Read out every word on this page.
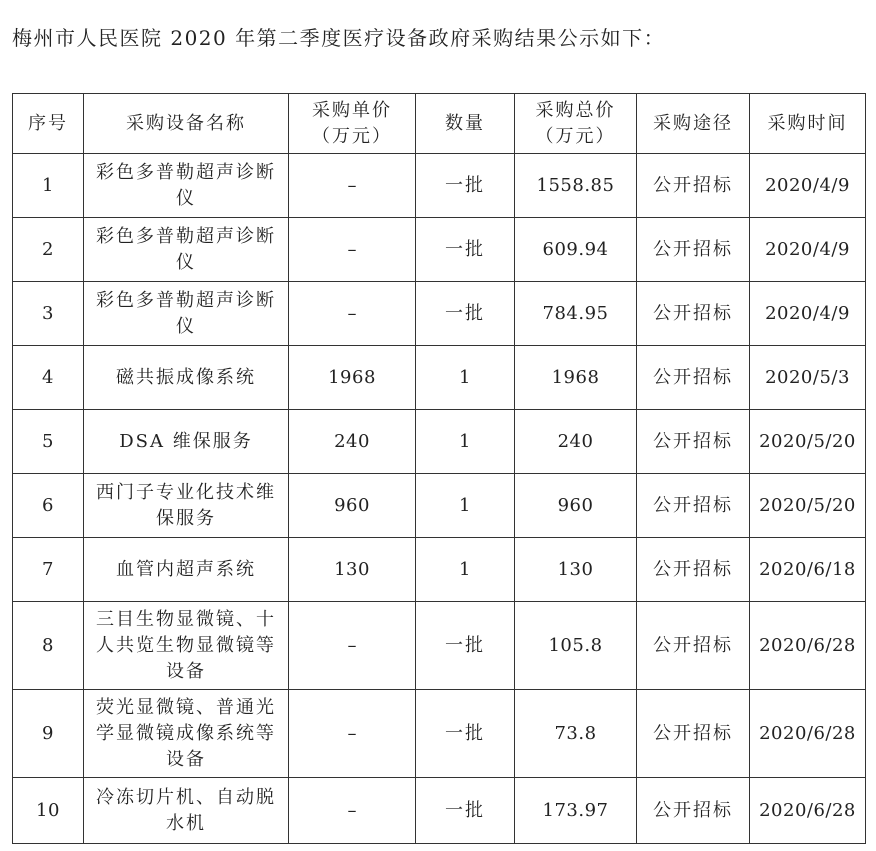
梅州市人民医院 2020 年第二季度医疗设备政府采购结果公示如下：
序号	采购设备名称	采购单价（万元）	数量	采购总价（万元）	采购途径	采购时间
1	彩色多普勒超声诊断仪	–	一批	1558.85	公开招标	2020/4/9
2	彩色多普勒超声诊断仪	–	一批	609.94	公开招标	2020/4/9
3	彩色多普勒超声诊断仪	–	一批	784.95	公开招标	2020/4/9
4	磁共振成像系统	1968	1	1968	公开招标	2020/5/3
5	DSA 维保服务	240	1	240	公开招标	2020/5/20
6	西门子专业化技术维保服务	960	1	960	公开招标	2020/5/20
7	血管内超声系统	130	1	130	公开招标	2020/6/18
8	三目生物显微镜、十人共览生物显微镜等设备	–	一批	105.8	公开招标	2020/6/28
9	荧光显微镜、普通光学显微镜成像系统等设备	–	一批	73.8	公开招标	2020/6/28
10	冷冻切片机、自动脱水机	–	一批	173.97	公开招标	2020/6/28
